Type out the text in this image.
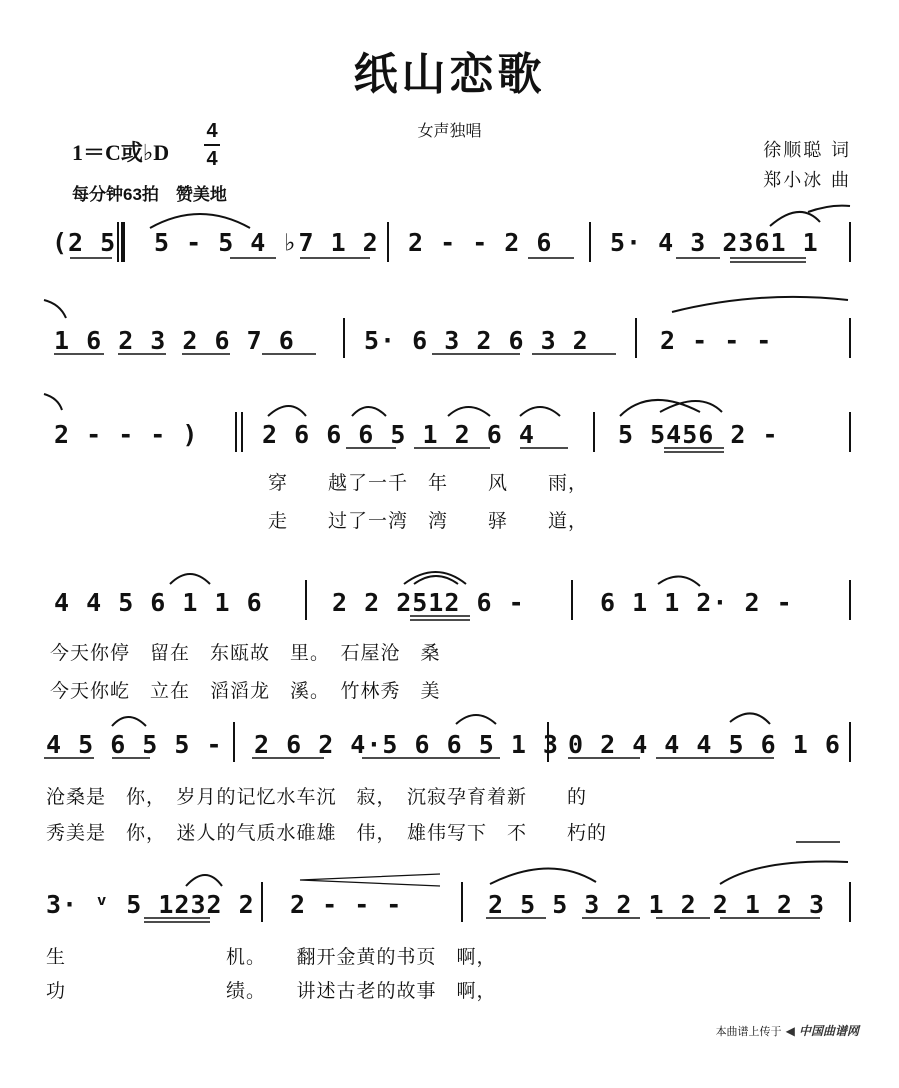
纸山恋歌
女声独唱
1＝C或♭D
4
4
每分钟63拍　赞美地
徐顺聪 词
郑小冰 曲
(2 5 5 - 5 4 ♭7 1 2 2 - - 2 6 5· 4 3 2361 1
1 6 2 3 2 6 7 6	5· 6 3 2 6 3 2	2 - - -
2 - - - )	2 6 6 6 5 1 2 6 4	5 5456 2 -
穿　　越了一千　年　　风　　雨，
走　　过了一湾　湾　　驿　　道，
4 4 5 6 1 1 6	2 2 2512 6 -	6 1 1 2· 2 -
今天你停　留在　东瓯故　里。　石屋沧　桑
今天你屹　立在　滔滔龙　溪。　竹林秀　美
4 5 6 5 5 - 2 6 2 4·5 6 6 5 1 3 0 2 4 4 4 5 6 1 6
沧桑是　你，　岁月的记忆水车沉　寂，　沉寂孕育着新　　的
秀美是　你，　迷人的气质水碓雄　伟，　雄伟写下　不　　朽的
3· ᵛ 5 1232 2 2 - - -	2 5 5 3 2 1 2 2 1 2 3
生　　　　　　　　机。　　翻开金黄的书页　啊，
功　　　　　　　　绩。　　讲述古老的故事　啊，
本曲谱上传于 ◀ 中国曲谱网
